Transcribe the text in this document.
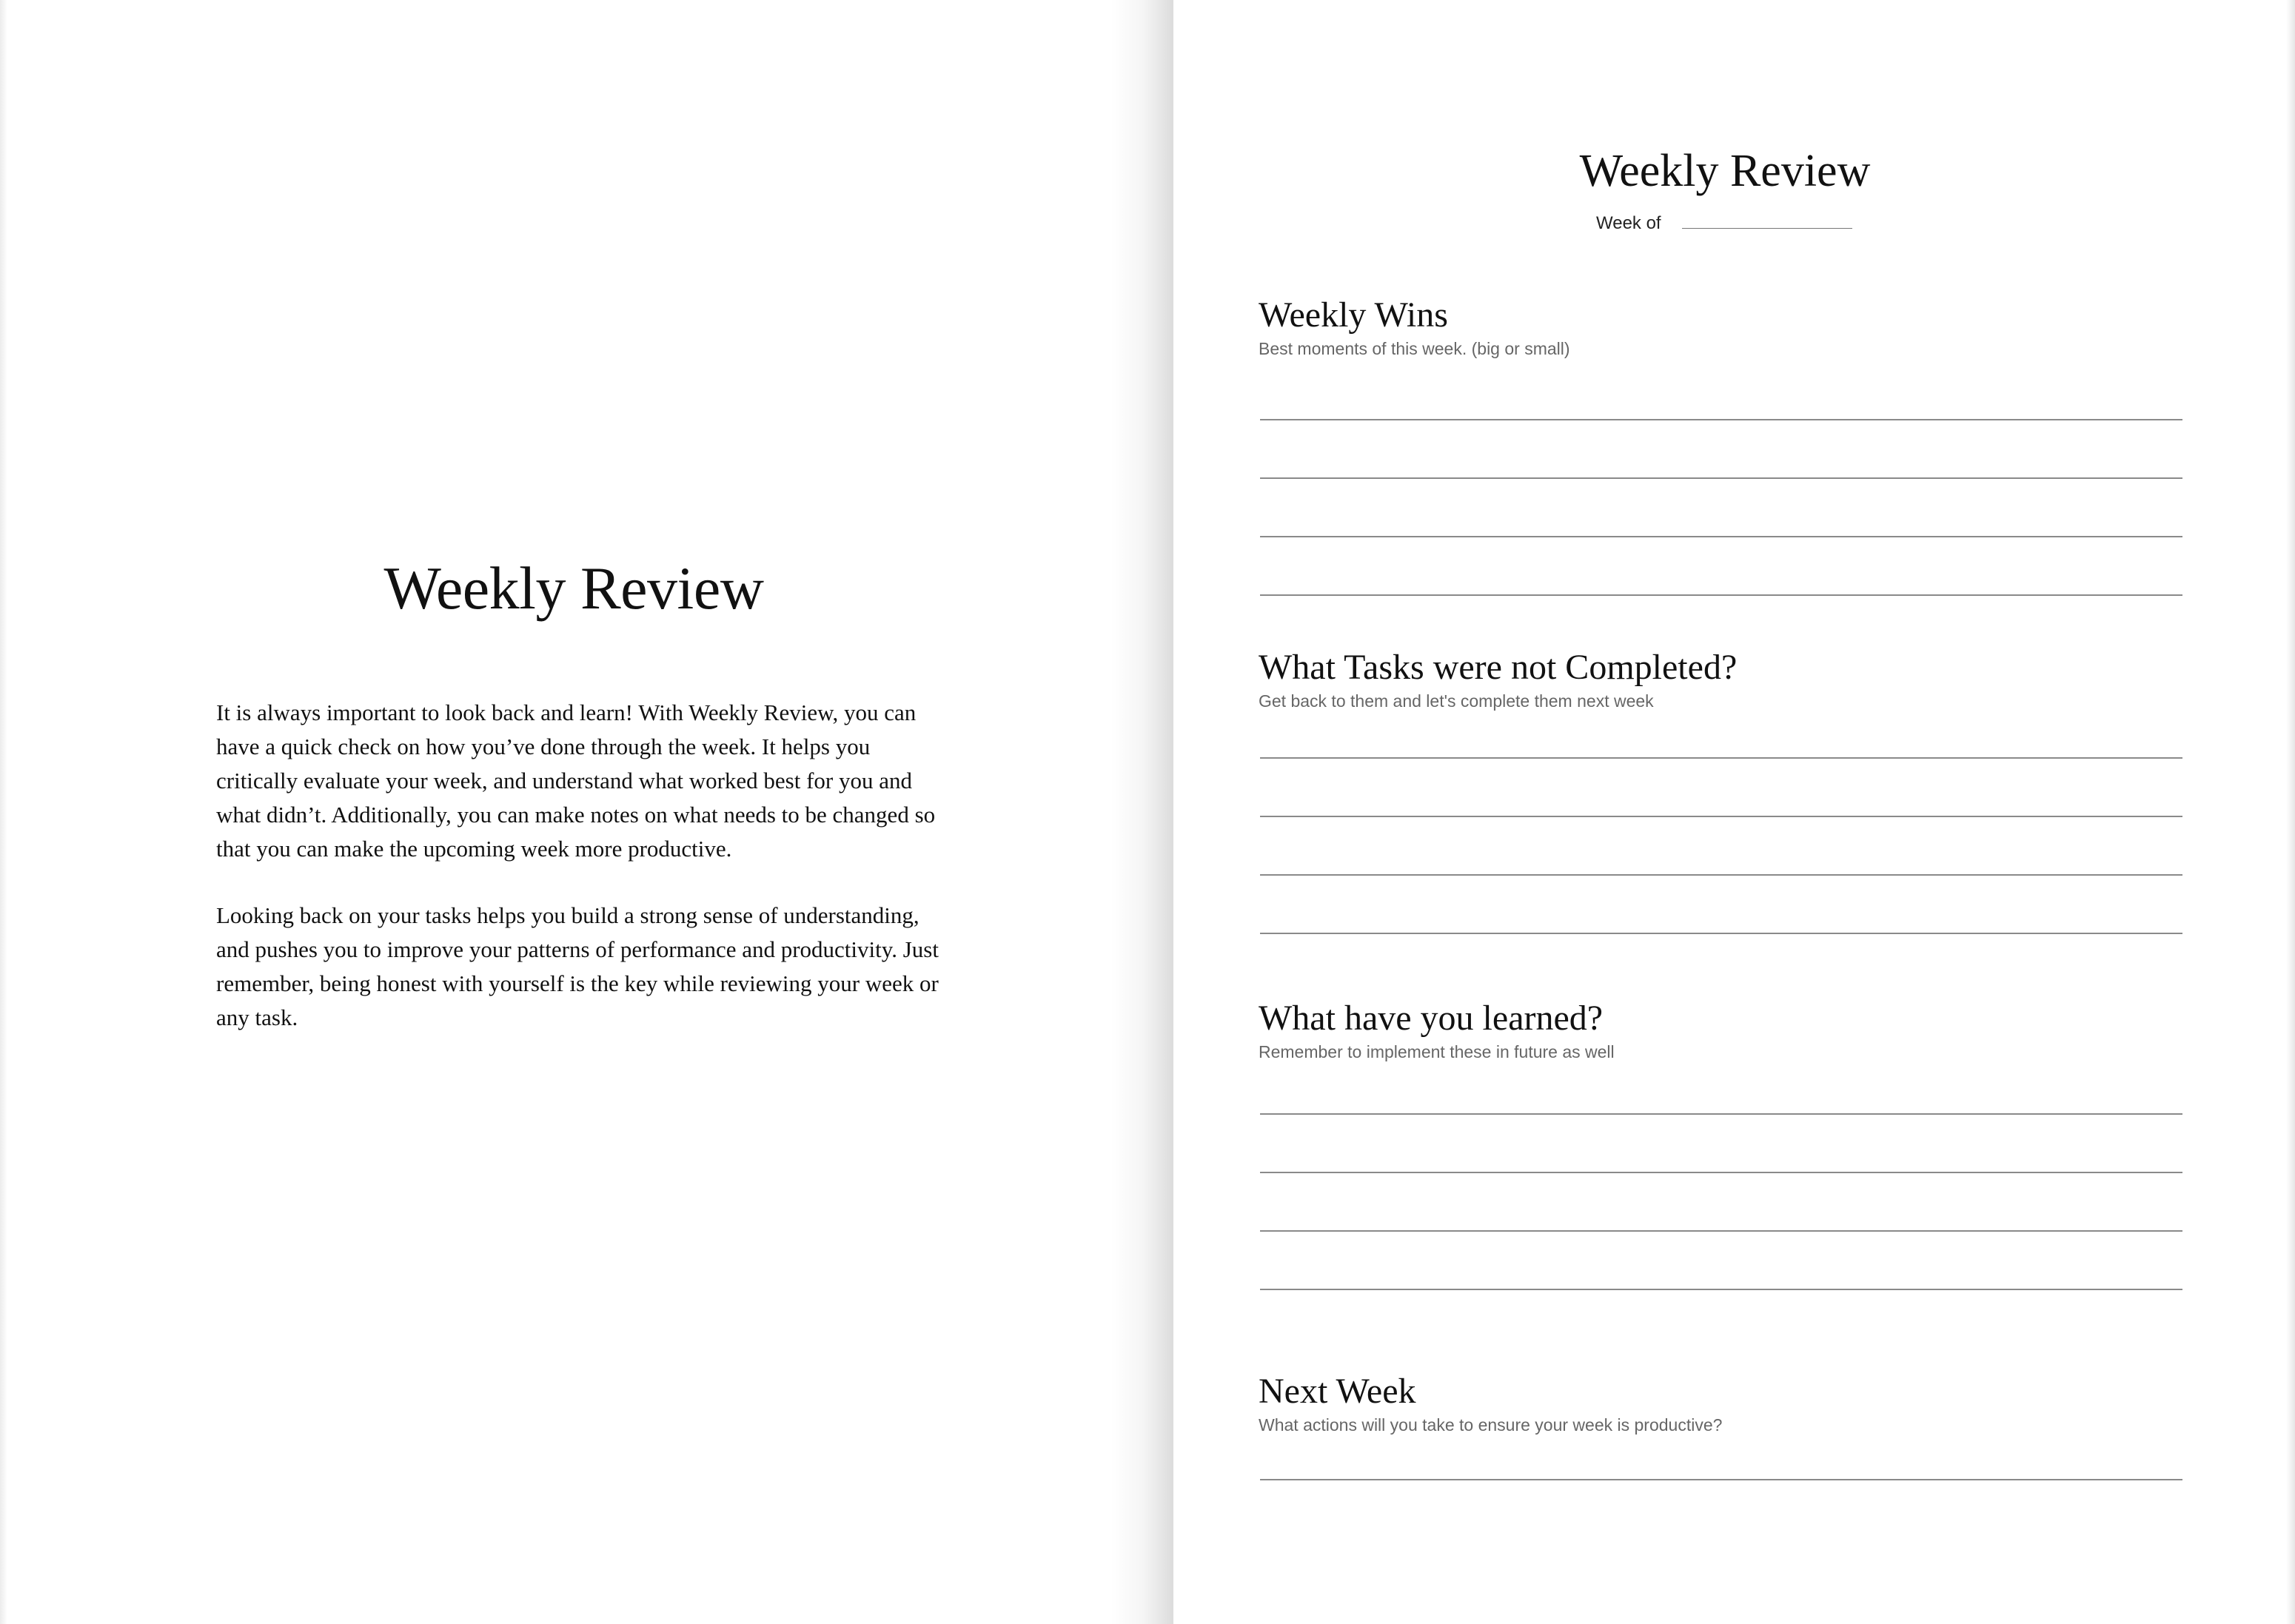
Weekly Review

It is always important to look back and learn! With Weekly Review, you can have a quick check on how you’ve done through the week. It helps you critically evaluate your week, and understand what worked best for you and what didn’t. Additionally, you can make notes on what needs to be changed so that you can make the upcoming week more productive.

Looking back on your tasks helps you build a strong sense of understanding, and pushes you to improve your patterns of performance and productivity. Just remember, being honest with yourself is the key while reviewing your week or any task.

Weekly Review
Week of
Weekly Wins
Best moments of this week. (big or small)
What Tasks were not Completed?
Get back to them and let's complete them next week
What have you learned?
Remember to implement these in future as well
Next Week
What actions will you take to ensure your week is productive?
